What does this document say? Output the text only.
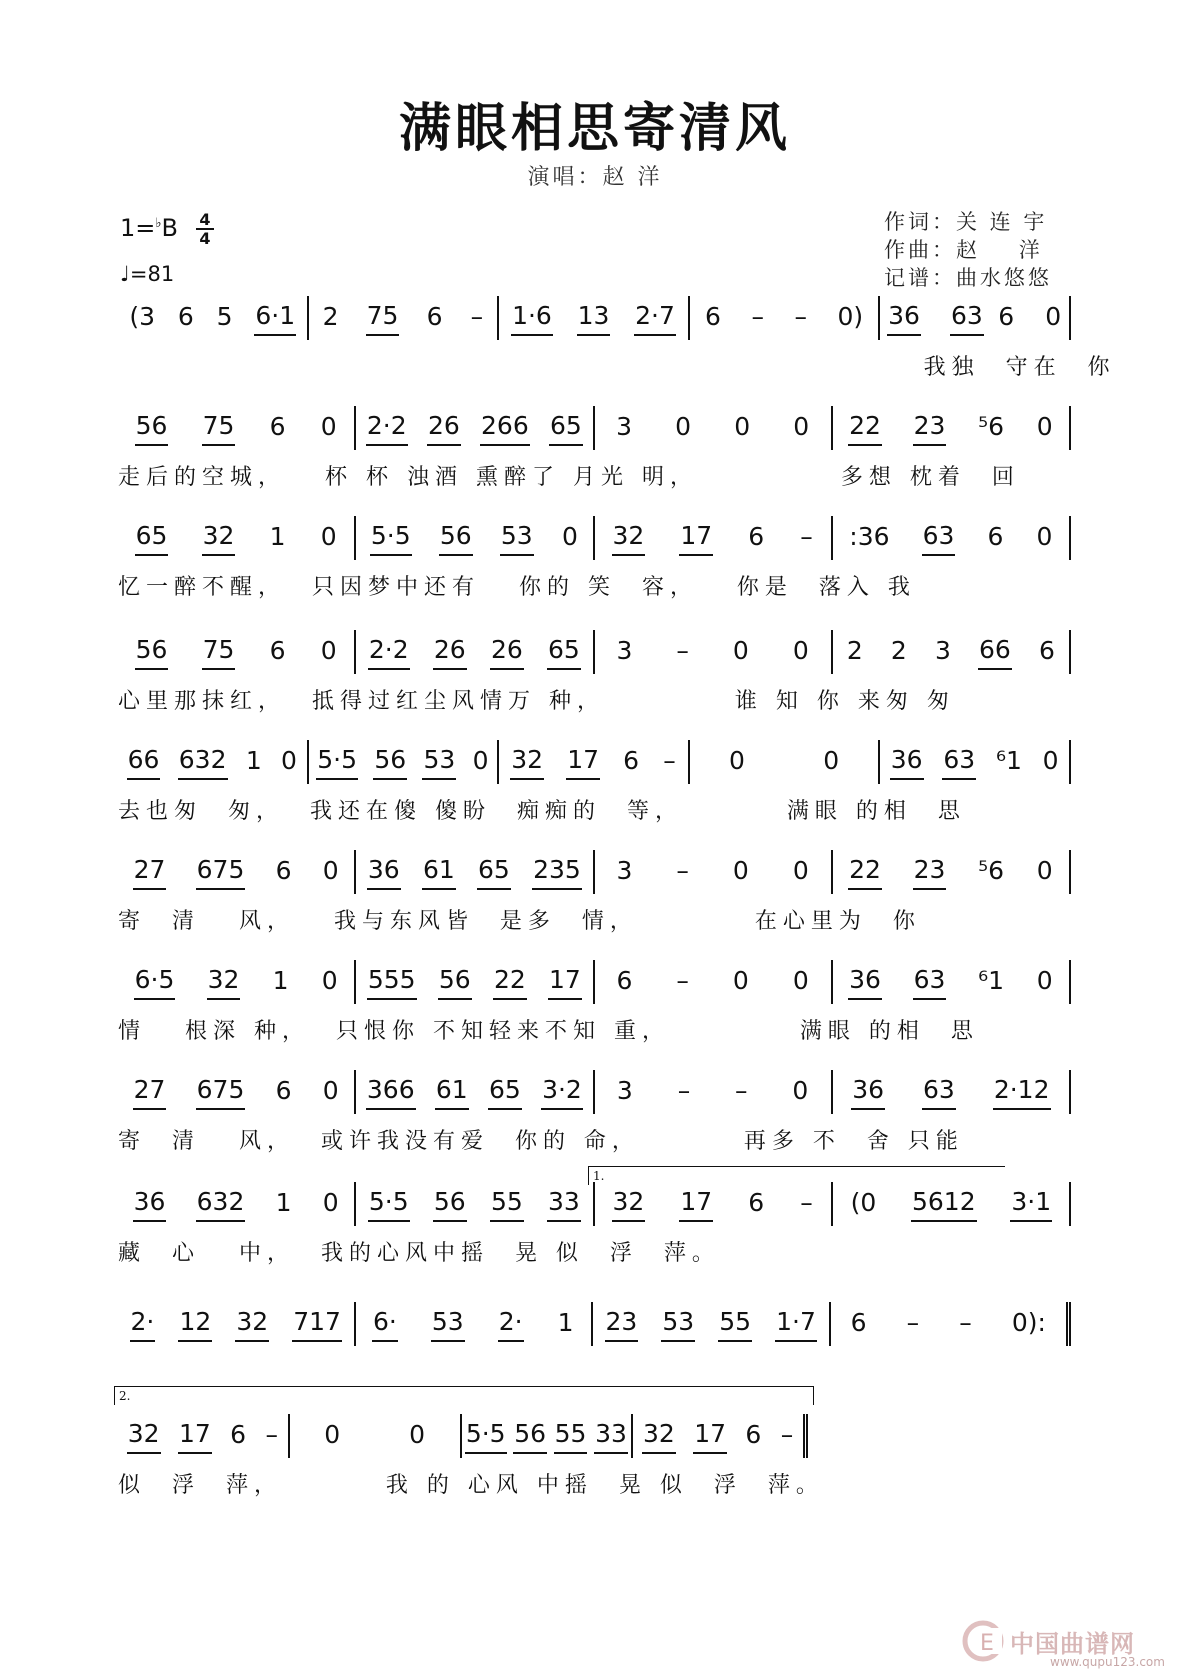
满眼相思寄清风
演唱：赵 洋
1=♭B 4
4
♩=81
作词：关 连 宇
作曲：赵    洋
记谱：曲水悠悠
(3 6 5 6·1 2 75 6 – 1·6 13 2·7 6 – – 0) 36 63 6 0
我独  守在  你
56 75 6 0 2·2 26 266 65 3 0 0 0 22 23 ⁵6 0
走后的空城，   杯 杯 浊酒 熏醉了 月光 明，           多想 枕着  回
65 32 1 0 5·5 56 53 0 32 17 6 – :36 63 6 0
忆一醉不醒，  只因梦中还有   你的 笑  容，   你是  落入 我
56 75 6 0 2·2 26 26 65 3 – 0 0 2 2 3 66 6
心里那抹红，  抵得过红尘风情万 种，          谁 知 你 来匆 匆
66 632 1 0 5·5 56 53 0 32 17 6 – 0	0 36 63 ⁶1 0
去也匆  匆，  我还在傻 傻盼  痴痴的  等，        满眼 的相  思
27 675 6 0 36 61 65 235 3 – 0 0 22 23 ⁵6 0
寄  清   风，   我与东风皆  是多  情，         在心里为  你
6·5 32 1 0 555 56 22 17 6 – 0 0 36 63 ⁶1 0
情   根深 种，  只恨你 不知轻来不知 重，          满眼 的相  思
27 675 6 0 366 61 65 3·2 3 – – 0 36 63 2·12
寄  清   风，  或许我没有爱  你的 命，        再多 不  舍 只能
36 632 1 0 5·5 56 55 33 32 17 6 – (0 5612 3·1
藏  心   中，  我的心风中摇  晃 似  浮  萍。
2· 12 32 717 6· 53 2· 1 23 53 55 1·7 6 – – 0):
32 17 6 – 0	0 5·5 56 55 33 32 17 6 –
似  浮  萍，        我 的 心风 中摇  晃 似  浮  萍。
1.
2.
E 中国曲谱网
www.qupu123.com
